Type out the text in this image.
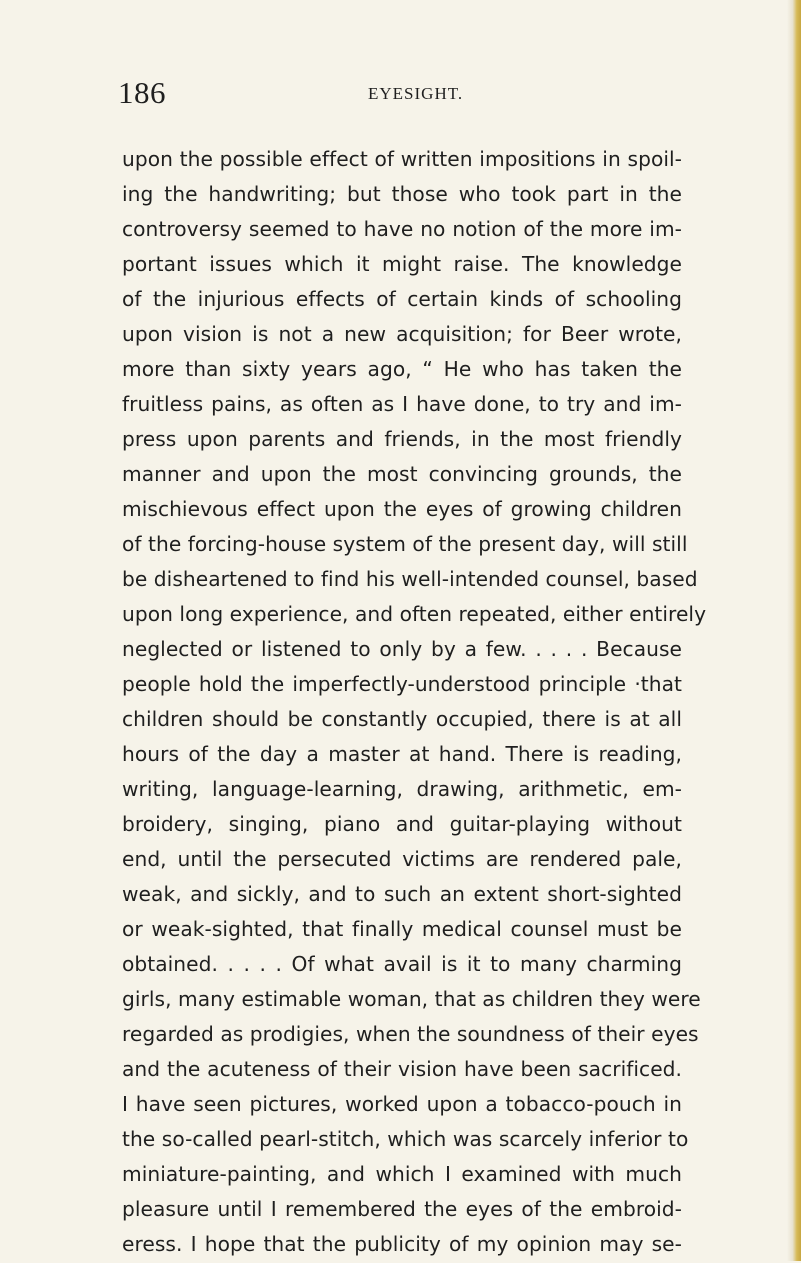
186	EYESIGHT.
upon the possible effect of written impositions in spoil-
ing the handwriting; but those who took part in the
controversy seemed to have no notion of the more im-
portant issues which it might raise. The knowledge
of the injurious effects of certain kinds of schooling
upon vision is not a new acquisition; for Beer wrote,
more than sixty years ago, “ He who has taken the
fruitless pains, as often as I have done, to try and im-
press upon parents and friends, in the most friendly
manner and upon the most convincing grounds, the
mischievous effect upon the eyes of growing children
of the forcing-house system of the present day, will still
be disheartened to find his well-intended counsel, based
upon long experience, and often repeated, either entirely
neglected or listened to only by a few. . . . . Because
people hold the imperfectly-understood principle ·that
children should be constantly occupied, there is at all
hours of the day a master at hand. There is reading,
writing, language-learning, drawing, arithmetic, em-
broidery, singing, piano and guitar-playing without
end, until the persecuted victims are rendered pale,
weak, and sickly, and to such an extent short-sighted
or weak-sighted, that finally medical counsel must be
obtained. . . . . Of what avail is it to many charming
girls, many estimable woman, that as children they were
regarded as prodigies, when the soundness of their eyes
and the acuteness of their vision have been sacrificed.
I have seen pictures, worked upon a tobacco-pouch in
the so-called pearl-stitch, which was scarcely inferior to
miniature-painting, and which I examined with much
pleasure until I remembered the eyes of the embroid-
eress. I hope that the publicity of my opinion may se-
